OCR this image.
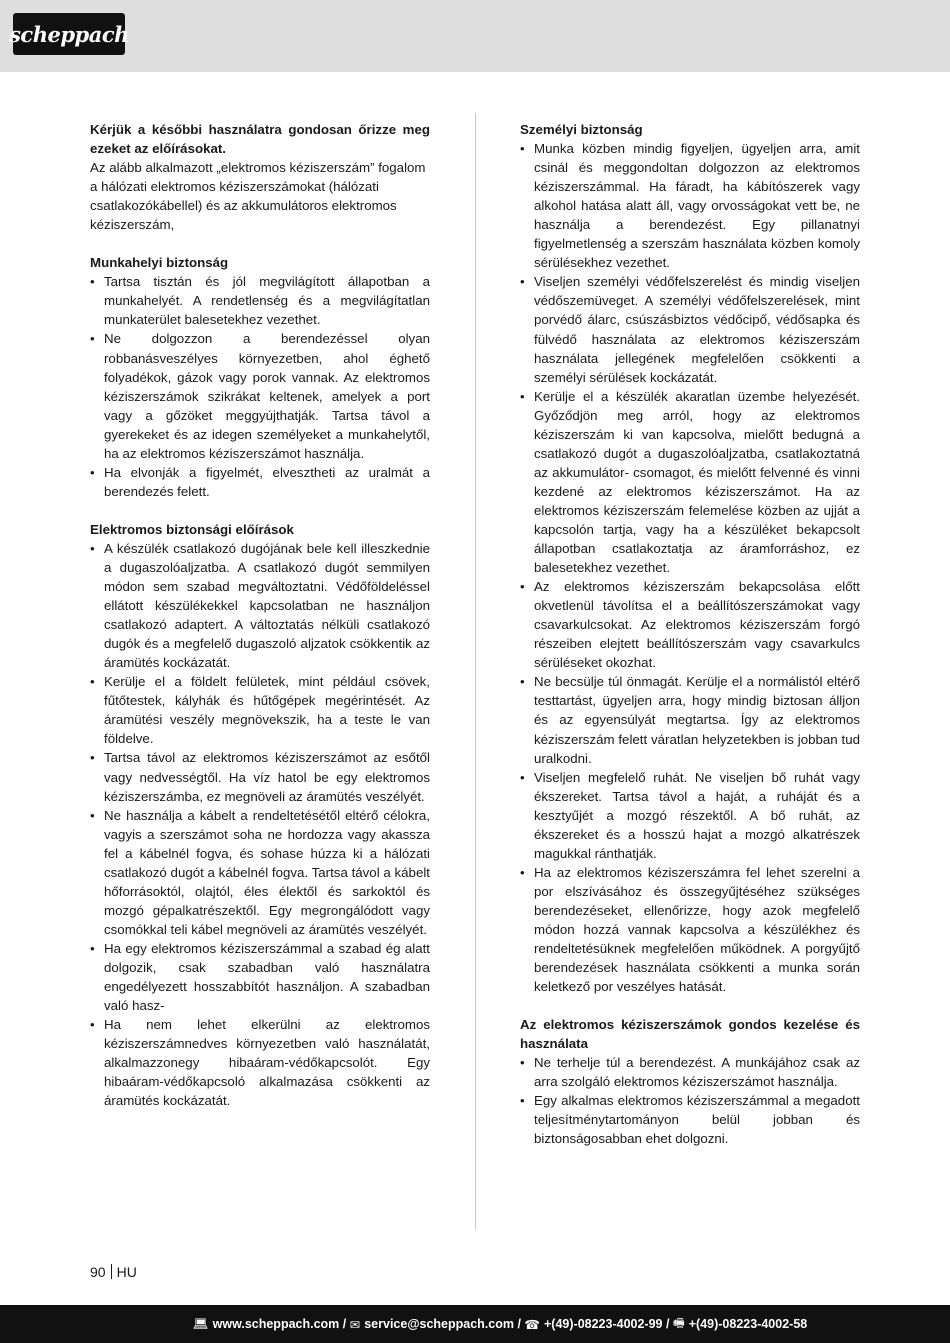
scheppach

Kérjük a későbbi használatra gondosan őrizze meg ezeket az előírásokat.

Az alább alkalmazott „elektromos kéziszerszám” fogalom a hálózati elektromos kéziszerszámokat (hálózati csatlakozókábellel) és az akkumulátoros elektromos kéziszerszám,

Munkahelyi biztonság

• Tartsa tisztán és jól megvilágított állapotban a munkahelyét. A rendetlenség és a megvilágítatlan munkaterület balesetekhez vezethet.
• Ne dolgozzon a berendezéssel olyan robbanásveszélyes környezetben, ahol éghető folyadékok, gázok vagy porok vannak. Az elektromos kéziszerszámok szikrákat keltenek, amelyek a port vagy a gőzöket meggyújthatják. Tartsa távol a gyerekeket és az idegen személyeket a munkahelytől, ha az elektromos kéziszerszámot használja.
• Ha elvonják a figyelmét, elvesztheti az uralmát a berendezés felett.

Elektromos biztonsági előírások

• A készülék csatlakozó dugójának bele kell illeszkednie a dugaszolóaljzatba. A csatlakozó dugót semmilyen módon sem szabad megváltoztatni. Védőföldeléssel ellátott készülékekkel kapcsolatban ne használjon csatlakozó adaptert. A változtatás nélküli csatlakozó dugók és a megfelelő dugaszoló aljzatok csökkentik az áramütés kockázatát.
• Kerülje el a földelt felületek, mint például csövek, fűtőtestek, kályhák és hűtőgépek megérintését. Az áramütési veszély megnövekszik, ha a teste le van földelve.
• Tartsa távol az elektromos kéziszerszámot az esőtől vagy nedvességtől. Ha víz hatol be egy elektromos kéziszerszámba, ez megnöveli az áramütés veszélyét.
• Ne használja a kábelt a rendeltetésétől eltérő célokra, vagyis a szerszámot soha ne hordozza vagy akassza fel a kábelnél fogva, és sohase húzza ki a hálózati csatlakozó dugót a kábelnél fogva. Tartsa távol a kábelt hőforrásoktól, olajtól, éles élektől és sarkoktól és mozgó gépalkatrészektől. Egy megrongálódott vagy csomókkal teli kábel megnöveli az áramütés veszélyét.
• Ha egy elektromos kéziszerszámmal a szabad ég alatt dolgozik, csak szabadban való használatra engedélyezett hosszabbítót használjon. A szabadban való hasz-
• Ha nem lehet elkerülni az elektromos kéziszerszámnedves környezetben való használatát, alkalmazzonegy hibaáram-védőkapcsolót. Egy hibaáram-védőkapcsoló alkalmazása csökkenti az áramütés kockázatát.

Személyi biztonság

• Munka közben mindig figyeljen, ügyeljen arra, amit csinál és meggondoltan dolgozzon az elektromos kéziszerszámmal. Ha fáradt, ha kábítószerek vagy alkohol hatása alatt áll, vagy orvosságokat vett be, ne használja a berendezést. Egy pillanatnyi figyelmetlenség a szerszám használata közben komoly sérülésekhez vezethet.
• Viseljen személyi védőfelszerelést és mindig viseljen védőszemüveget. A személyi védőfelszerelések, mint porvédő álarc, csúszásbiztos védőcipő, védősapka és fülvédő használata az elektromos kéziszerszám használata jellegének megfelelően csökkenti a személyi sérülések kockázatát.
• Kerülje el a készülék akaratlan üzembe helyezését. Győződjön meg arról, hogy az elektromos kéziszerszám ki van kapcsolva, mielőtt bedugná a csatlakozó dugót a dugaszolóaljzatba, csatlakoztatná az akkumulátor- csomagot, és mielőtt felvenné és vinni kezdené az elektromos kéziszerszámot. Ha az elektromos kéziszerszám felemelése közben az ujját a kapcsolón tartja, vagy ha a készüléket bekapcsolt állapotban csatlakoztatja az áramforráshoz, ez balesetekhez vezethet.
• Az elektromos kéziszerszám bekapcsolása előtt okvetlenül távolítsa el a beállítószerszámokat vagy csavarkulcsokat. Az elektromos kéziszerszám forgó részeiben elejtett beállítószerszám vagy csavarkulcs sérüléseket okozhat.
• Ne becsülje túl önmagát. Kerülje el a normálistól eltérő testtartást, ügyeljen arra, hogy mindig biztosan álljon és az egyensúlyát megtartsa. Így az elektromos kéziszerszám felett váratlan helyzetekben is jobban tud uralkodni.
• Viseljen megfelelő ruhát. Ne viseljen bő ruhát vagy ékszereket. Tartsa távol a haját, a ruháját és a kesztyűjét a mozgó részektől. A bő ruhát, az ékszereket és a hosszú hajat a mozgó alkatrészek magukkal ránthatják.
• Ha az elektromos kéziszerszámra fel lehet szerelni a por elszívásához és összegyűjtéséhez szükséges berendezéseket, ellenőrizze, hogy azok megfelelő módon hozzá vannak kapcsolva a készülékhez és rendeltetésüknek megfelelően működnek. A porgyűjtő berendezések használata csökkenti a munka során keletkező por veszélyes hatását.

Az elektromos kéziszerszámok gondos kezelése és használata

• Ne terhelje túl a berendezést. A munkájához csak az arra szolgáló elektromos kéziszerszámot használja.
• Egy alkalmas elektromos kéziszerszámmal a megadott teljesítménytartományon belül jobban és biztonságosabban ehet dolgozni.
90 HU
💻︎ www.scheppach.com /
✉︎ service@scheppach.com /
☎︎ +(49)-08223-4002-99 /
🖷︎ +(49)-08223-4002-58
